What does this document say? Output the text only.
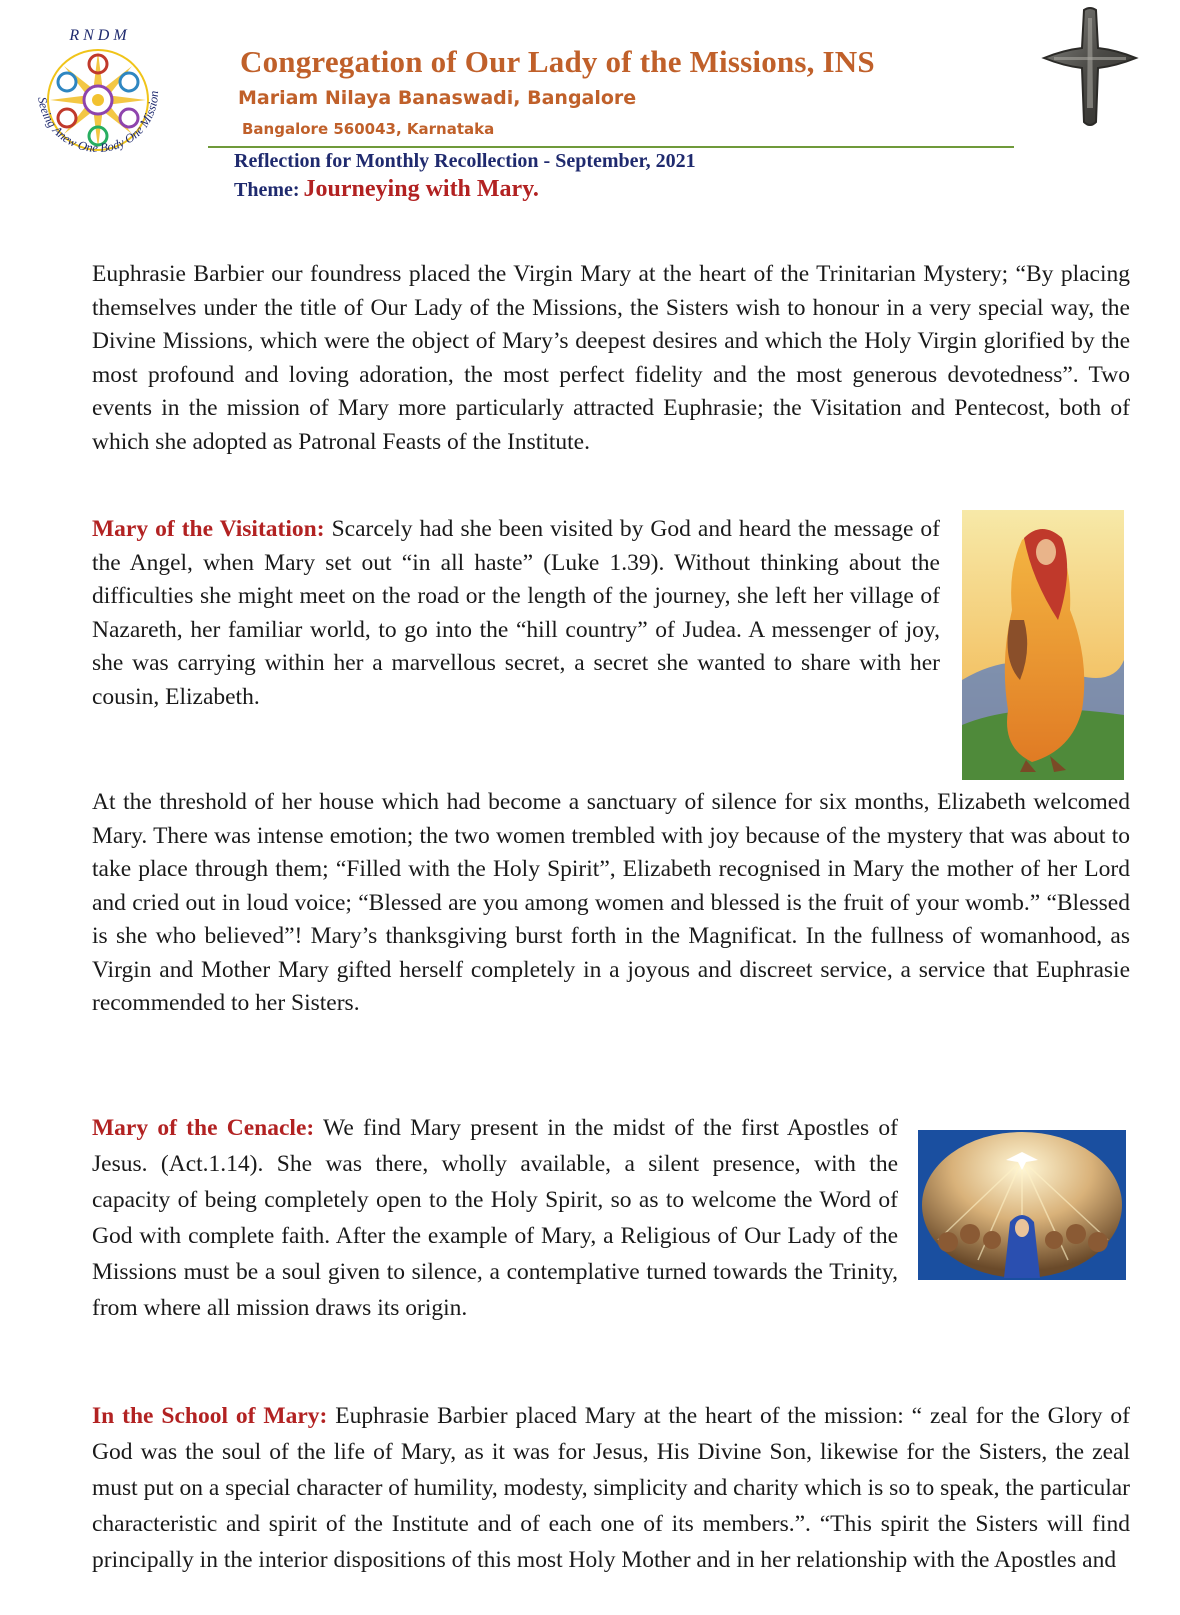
R N D M
Seeing Anew One Body One Mission
Congregation of Our Lady of the Missions, INS
Mariam Nilaya Banaswadi, Bangalore
Bangalore 560043, Karnataka
Reflection for Monthly Recollection - September, 2021
Theme: Journeying with Mary.

Euphrasie Barbier our foundress placed the Virgin Mary at the heart of the Trinitarian Mystery; “By placing themselves under the title of Our Lady of the Missions, the Sisters wish to honour in a very special way, the Divine Missions, which were the object of Mary’s deepest desires and which the Holy Virgin glorified by the most profound and loving adoration, the most perfect fidelity and the most generous devotedness”. Two events in the mission of Mary more particularly attracted Euphrasie; the Visitation and Pentecost, both of which she adopted as Patronal Feasts of the Institute.

Mary of the Visitation: Scarcely had she been visited by God and heard the message of the Angel, when Mary set out “in all haste” (Luke 1.39). Without thinking about the difficulties she might meet on the road or the length of the journey, she left her village of Nazareth, her familiar world, to go into the “hill country” of Judea. A messenger of joy, she was carrying within her a marvellous secret, a secret she wanted to share with her cousin, Elizabeth.

At the threshold of her house which had become a sanctuary of silence for six months, Elizabeth welcomed Mary. There was intense emotion; the two women trembled with joy because of the mystery that was about to take place through them; “Filled with the Holy Spirit”, Elizabeth recognised in Mary the mother of her Lord and cried out in loud voice; “Blessed are you among women and blessed is the fruit of your womb.” “Blessed is she who believed”! Mary’s thanksgiving burst forth in the Magnificat. In the fullness of womanhood, as Virgin and Mother Mary gifted herself completely in a joyous and discreet service, a service that Euphrasie recommended to her Sisters.

Mary of the Cenacle: We find Mary present in the midst of the first Apostles of Jesus. (Act.1.14). She was there, wholly available, a silent presence, with the capacity of being completely open to the Holy Spirit, so as to welcome the Word of God with complete faith. After the example of Mary, a Religious of Our Lady of the Missions must be a soul given to silence, a contemplative turned towards the Trinity, from where all mission draws its origin.

In the School of Mary: Euphrasie Barbier placed Mary at the heart of the mission: “ zeal for the Glory of God was the soul of the life of Mary, as it was for Jesus, His Divine Son, likewise for the Sisters, the zeal must put on a special character of humility, modesty, simplicity and charity which is so to speak, the particular characteristic and spirit of the Institute and of each one of its members.”. “This spirit the Sisters will find principally in the interior dispositions of this most Holy Mother and in her relationship with the Apostles and
